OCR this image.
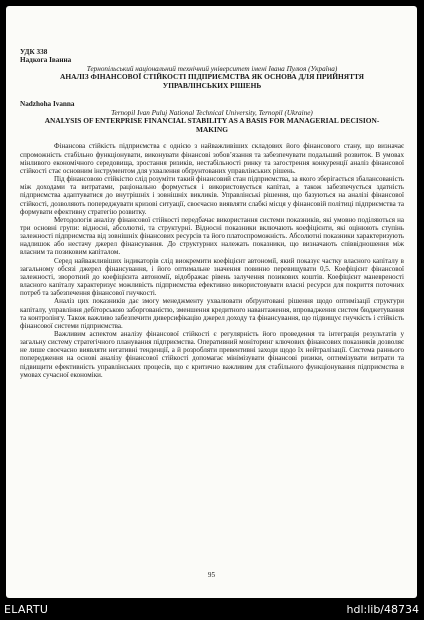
УДК 338
Надкога Іванна
Тернопільський національний технічний університет імені Івана Пулюя (Україна)
АНАЛІЗ ФІНАНСОВОЇ СТІЙКОСТІ ПІДПРИЄМСТВА ЯК ОСНОВА ДЛЯ ПРИЙНЯТТЯ УПРАВЛІНСЬКИХ РІШЕНЬ
Nadzhoha Ivanna
Ternopil Ivan Puluj National Technical University, Ternopil (Ukraine)
ANALYSIS OF ENTERPRISE FINANCIAL STABILITY AS A BASIS FOR MANAGERIAL DECISION-MAKING

Фінансова стійкість підприємства є однією з найважливіших складових його фінансового стану, що визначає спроможність стабільно функціонувати, виконувати фінансові зобов’язання та забезпечувати подальший розвиток. В умовах мінливого економічного середовища, зростання ризиків, нестабільності ринку та загострення конкуренції аналіз фінансової стійкості стає основним інструментом для ухвалення обґрунтованих управлінських рішень.

Під фінансовою стійкістю слід розуміти такий фінансовий стан підприємства, за якого зберігається збалансованість між доходами та витратами, раціонально формується і використовується капітал, а також забезпечується здатність підприємства адаптуватися до внутрішніх і зовнішніх викликів. Управлінські рішення, що базуються на аналізі фінансової стійкості, дозволяють попереджувати кризові ситуації, своєчасно виявляти слабкі місця у фінансовій політиці підприємства та формувати ефективну стратегію розвитку.

Методологія аналізу фінансової стійкості передбачає використання системи показників, які умовно поділяються на три основні групи: відносні, абсолютні, та структурні. Відносні показники включають коефіцієнти, які оцінюють ступінь залежності підприємства від зовнішніх фінансових ресурсів та його платоспроможність. Абсолютні показники характеризують надлишок або нестачу джерел фінансування. До структурних належать показники, що визначають співвідношення між власним та позиковим капіталом.

Серед найважливіших індикаторів слід виокремити коефіцієнт автономії, який показує частку власного капіталу в загальному обсязі джерел фінансування, і його оптимальне значення повинно перевищувати 0,5. Коефіцієнт фінансової залежності, зворотний до коефіцієнта автономії, відображає рівень залучення позикових коштів. Коефіцієнт маневреності власного капіталу характеризує можливість підприємства ефективно використовувати власні ресурси для покриття поточних потреб та забезпечення фінансової гнучкості.

Аналіз цих показників дає змогу менеджменту ухвалювати обґрунтовані рішення щодо оптимізації структури капіталу, управління дебіторською заборгованістю, зменшення кредитного навантаження, впровадження систем бюджетування та контролінгу. Також важливо забезпечити диверсифікацію джерел доходу та фінансування, що підвищує гнучкість і стійкість фінансової системи підприємства.

Важливим аспектом аналізу фінансової стійкості є регулярність його проведення та інтеграція результатів у загальну систему стратегічного планування підприємства. Оперативний моніторинг ключових фінансових показників дозволяє не лише своєчасно виявляти негативні тенденції, а й розробляти превентивні заходи щодо їх нейтралізації. Система раннього попередження на основі аналізу фінансової стійкості допомагає мінімізувати фінансові ризики, оптимізувати витрати та підвищити ефективність управлінських процесів, що є критично важливим для стабільного функціонування підприємства в умовах сучасної економіки.

95
ELARTU	hdl:lib/48734
